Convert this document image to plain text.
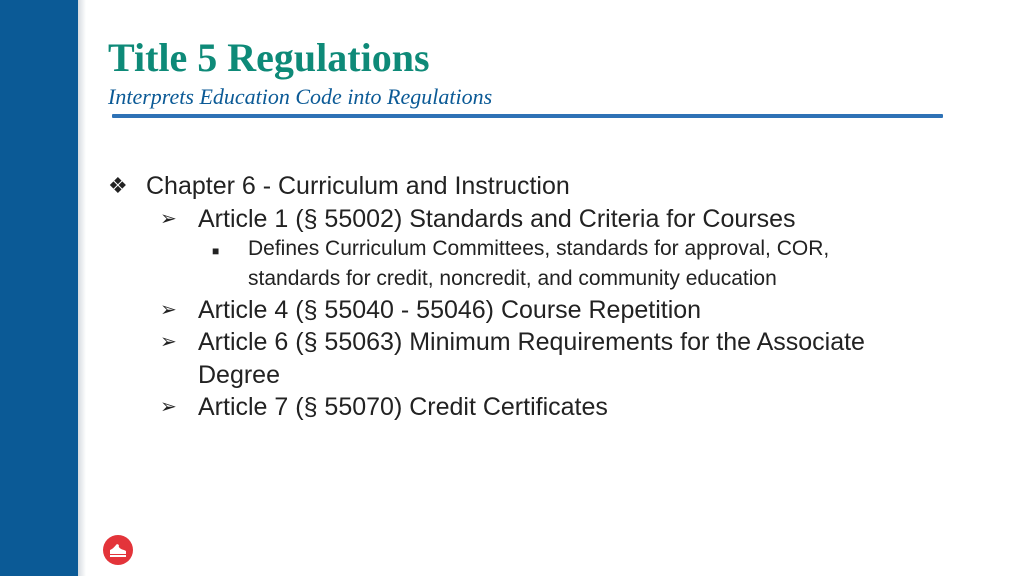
Title 5 Regulations
Interprets Education Code into Regulations
❖ Chapter 6 - Curriculum and Instruction
➢ Article 1 (§ 55002) Standards and Criteria for Courses
■ Defines Curriculum Committees, standards for approval, COR,
standards for credit, noncredit, and community education
➢ Article 4 (§ 55040 - 55046) Course Repetition
➢ Article 6 (§ 55063) Minimum Requirements for the Associate
Degree
➢ Article 7 (§ 55070) Credit Certificates
